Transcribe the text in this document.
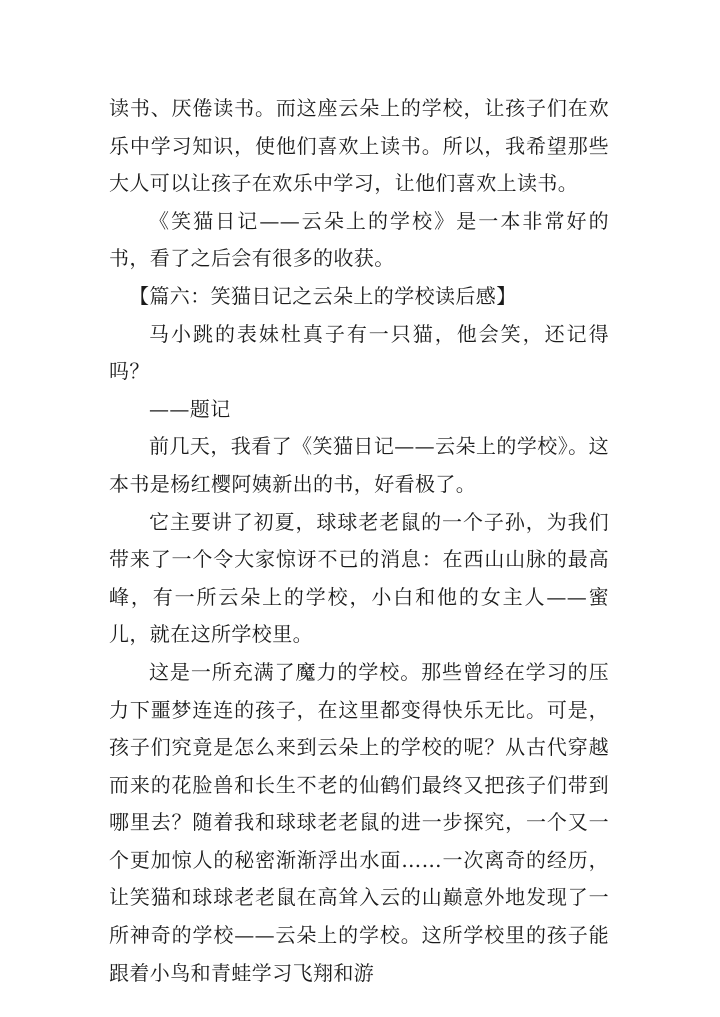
读书、厌倦读书。而这座云朵上的学校，让孩子们在欢乐中学习知识，使他们喜欢上读书。所以，我希望那些大人可以让孩子在欢乐中学习，让他们喜欢上读书。

《笑猫日记——云朵上的学校》是一本非常好的书，看了之后会有很多的收获。

【篇六：笑猫日记之云朵上的学校读后感】

马小跳的表妹杜真子有一只猫，他会笑，还记得吗？

——题记

前几天，我看了《笑猫日记——云朵上的学校》。这本书是杨红樱阿姨新出的书，好看极了。

它主要讲了初夏，球球老老鼠的一个子孙，为我们带来了一个令大家惊讶不已的消息：在西山山脉的最高峰，有一所云朵上的学校，小白和他的女主人——蜜儿，就在这所学校里。

这是一所充满了魔力的学校。那些曾经在学习的压力下噩梦连连的孩子，在这里都变得快乐无比。可是，孩子们究竟是怎么来到云朵上的学校的呢？从古代穿越而来的花脸兽和长生不老的仙鹤们最终又把孩子们带到哪里去？随着我和球球老老鼠的进一步探究，一个又一个更加惊人的秘密渐渐浮出水面……一次离奇的经历，让笑猫和球球老老鼠在高耸入云的山巅意外地发现了一所神奇的学校——云朵上的学校。这所学校里的孩子能跟着小鸟和青蛙学习飞翔和游
